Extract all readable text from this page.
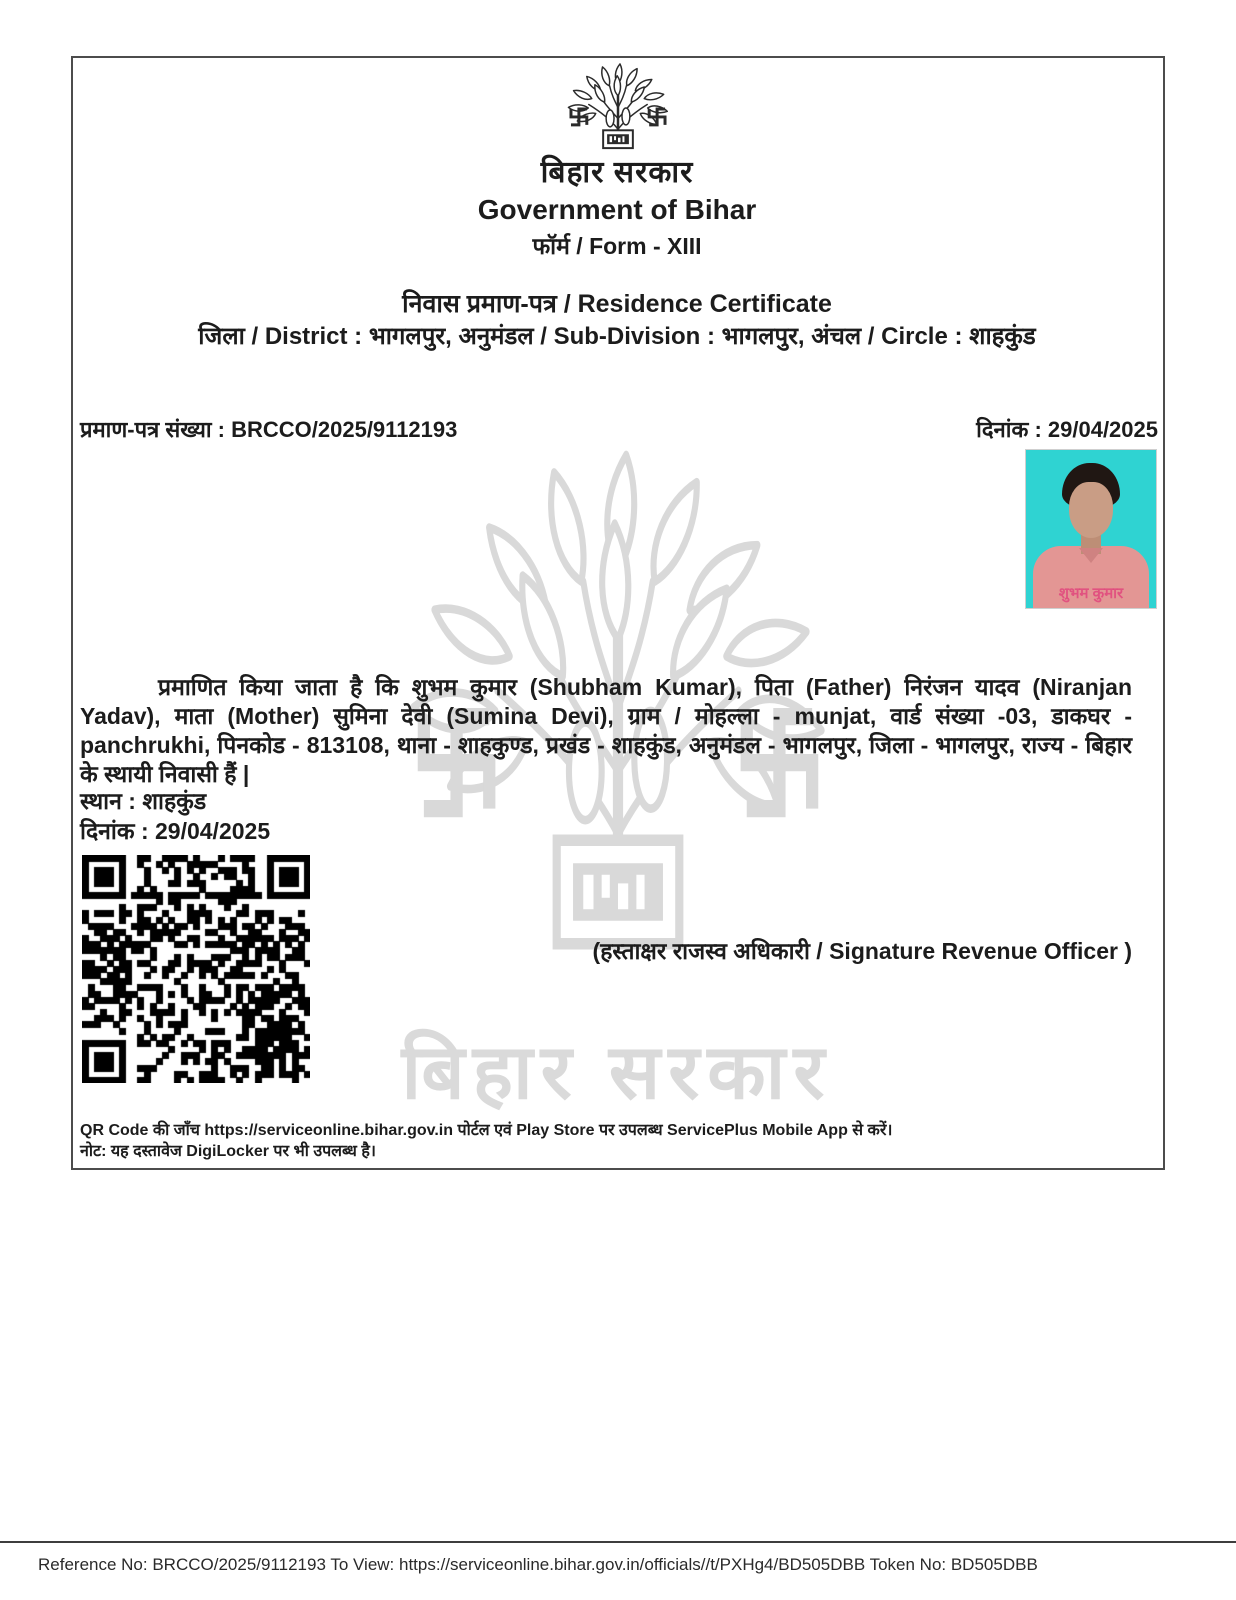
बिहार सरकार
बिहार सरकार
Government of Bihar
फॉर्म / Form - XIII
निवास प्रमाण-पत्र / Residence Certificate
जिला / District : भागलपुर, अनुमंडल / Sub-Division : भागलपुर, अंचल / Circle : शाहकुंड
प्रमाण-पत्र संख्या : BRCCO/2025/9112193	दिनांक : 29/04/2025
शुभम कुमार

प्रमाणित किया जाता है कि शुभम कुमार (Shubham Kumar), पिता (Father) निरंजन यादव (Niranjan Yadav), माता (Mother) सुमिना देवी (Sumina Devi), ग्राम / मोहल्ला - munjat, वार्ड संख्या -03, डाकघर - panchrukhi, पिनकोड - 813108, थाना - शाहकुण्ड, प्रखंड - शाहकुंड, अनुमंडल - भागलपुर, जिला - भागलपुर, राज्य - बिहार के स्थायी निवासी हैं |

स्थान : शाहकुंड
दिनांक : 29/04/2025
(हस्ताक्षर राजस्व अधिकारी / Signature Revenue Officer )
QR Code की जाँच https://serviceonline.bihar.gov.in पोर्टल एवं Play Store पर उपलब्ध ServicePlus Mobile App से करें।
नोट: यह दस्तावेज DigiLocker पर भी उपलब्ध है।
Reference No: BRCCO/2025/9112193 To View: https://serviceonline.bihar.gov.in/officials//t/PXHg4/BD505DBB Token No: BD505DBB
